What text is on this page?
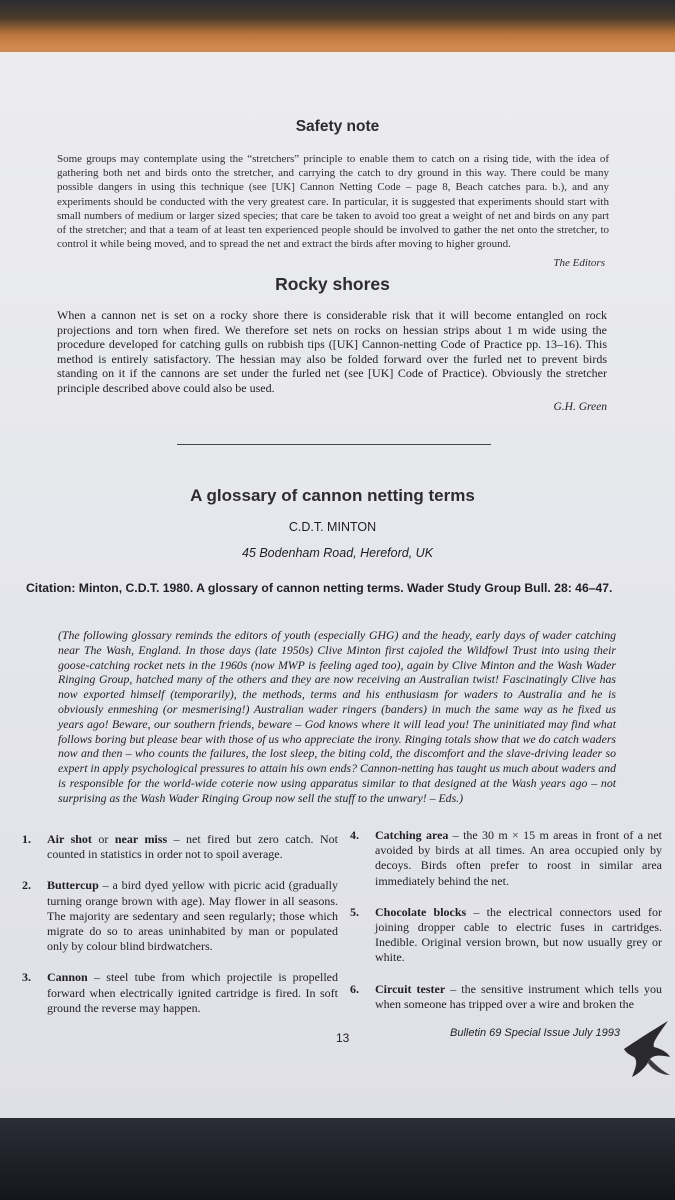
Safety note
Some groups may contemplate using the “stretchers” principle to enable them to catch on a rising tide, with the idea of gathering both net and birds onto the stretcher, and carrying the catch to dry ground in this way. There could be many possible dangers in using this technique (see [UK] Cannon Netting Code – page 8, Beach catches para. b.), and any experiments should be conducted with the very greatest care. In particular, it is suggested that experiments should start with small numbers of medium or larger sized species; that care be taken to avoid too great a weight of net and birds on any part of the stretcher; and that a team of at least ten experienced people should be involved to gather the net onto the stretcher, to control it while being moved, and to spread the net and extract the birds after moving to higher ground.
The Editors
Rocky shores
When a cannon net is set on a rocky shore there is considerable risk that it will become entangled on rock projections and torn when fired. We therefore set nets on rocks on hessian strips about 1 m wide using the procedure developed for catching gulls on rubbish tips ([UK] Cannon-netting Code of Practice pp. 13–16). This method is entirely satisfactory. The hessian may also be folded forward over the furled net to prevent birds standing on it if the cannons are set under the furled net (see [UK] Code of Practice). Obviously the stretcher principle described above could also be used.
G.H. Green
A glossary of cannon netting terms
C.D.T. MINTON
45 Bodenham Road, Hereford, UK
Citation: Minton, C.D.T. 1980. A glossary of cannon netting terms. Wader Study Group Bull. 28: 46–47.
(The following glossary reminds the editors of youth (especially GHG) and the heady, early days of wader catching near The Wash, England. In those days (late 1950s) Clive Minton first cajoled the Wildfowl Trust into using their goose-catching rocket nets in the 1960s (now MWP is feeling aged too), again by Clive Minton and the Wash Wader Ringing Group, hatched many of the others and they are now receiving an Australian twist! Fascinatingly Clive has now exported himself (temporarily), the methods, terms and his enthusiasm for waders to Australia and he is obviously enmeshing (or mesmerising!) Australian wader ringers (banders) in much the same way as he fixed us years ago! Beware, our southern friends, beware – God knows where it will lead you! The uninitiated may find what follows boring but please bear with those of us who appreciate the irony. Ringing totals show that we do catch waders now and then – who counts the failures, the lost sleep, the biting cold, the discomfort and the slave-driving leader so expert in apply psychological pressures to attain his own ends? Cannon-netting has taught us much about waders and is responsible for the world-wide coterie now using apparatus similar to that designed at the Wash years ago – not surprising as the Wash Wader Ringing Group now sell the stuff to the unwary! – Eds.)
1. Air shot or near miss – net fired but zero catch. Not counted in statistics in order not to spoil average.
2. Buttercup – a bird dyed yellow with picric acid (gradually turning orange brown with age). May flower in all seasons. The majority are sedentary and seen regularly; those which migrate do so to areas uninhabited by man or populated only by colour blind birdwatchers.
3. Cannon – steel tube from which projectile is propelled forward when electrically ignited cartridge is fired. In soft ground the reverse may happen.
4. Catching area – the 30 m × 15 m areas in front of a net avoided by birds at all times. An area occupied only by decoys. Birds often prefer to roost in similar area immediately behind the net.
5. Chocolate blocks – the electrical connectors used for joining dropper cable to electric fuses in cartridges. Inedible. Original version brown, but now usually grey or white.
6. Circuit tester – the sensitive instrument which tells you when someone has tripped over a wire and broken the
13	Bulletin 69 Special Issue July 1993
